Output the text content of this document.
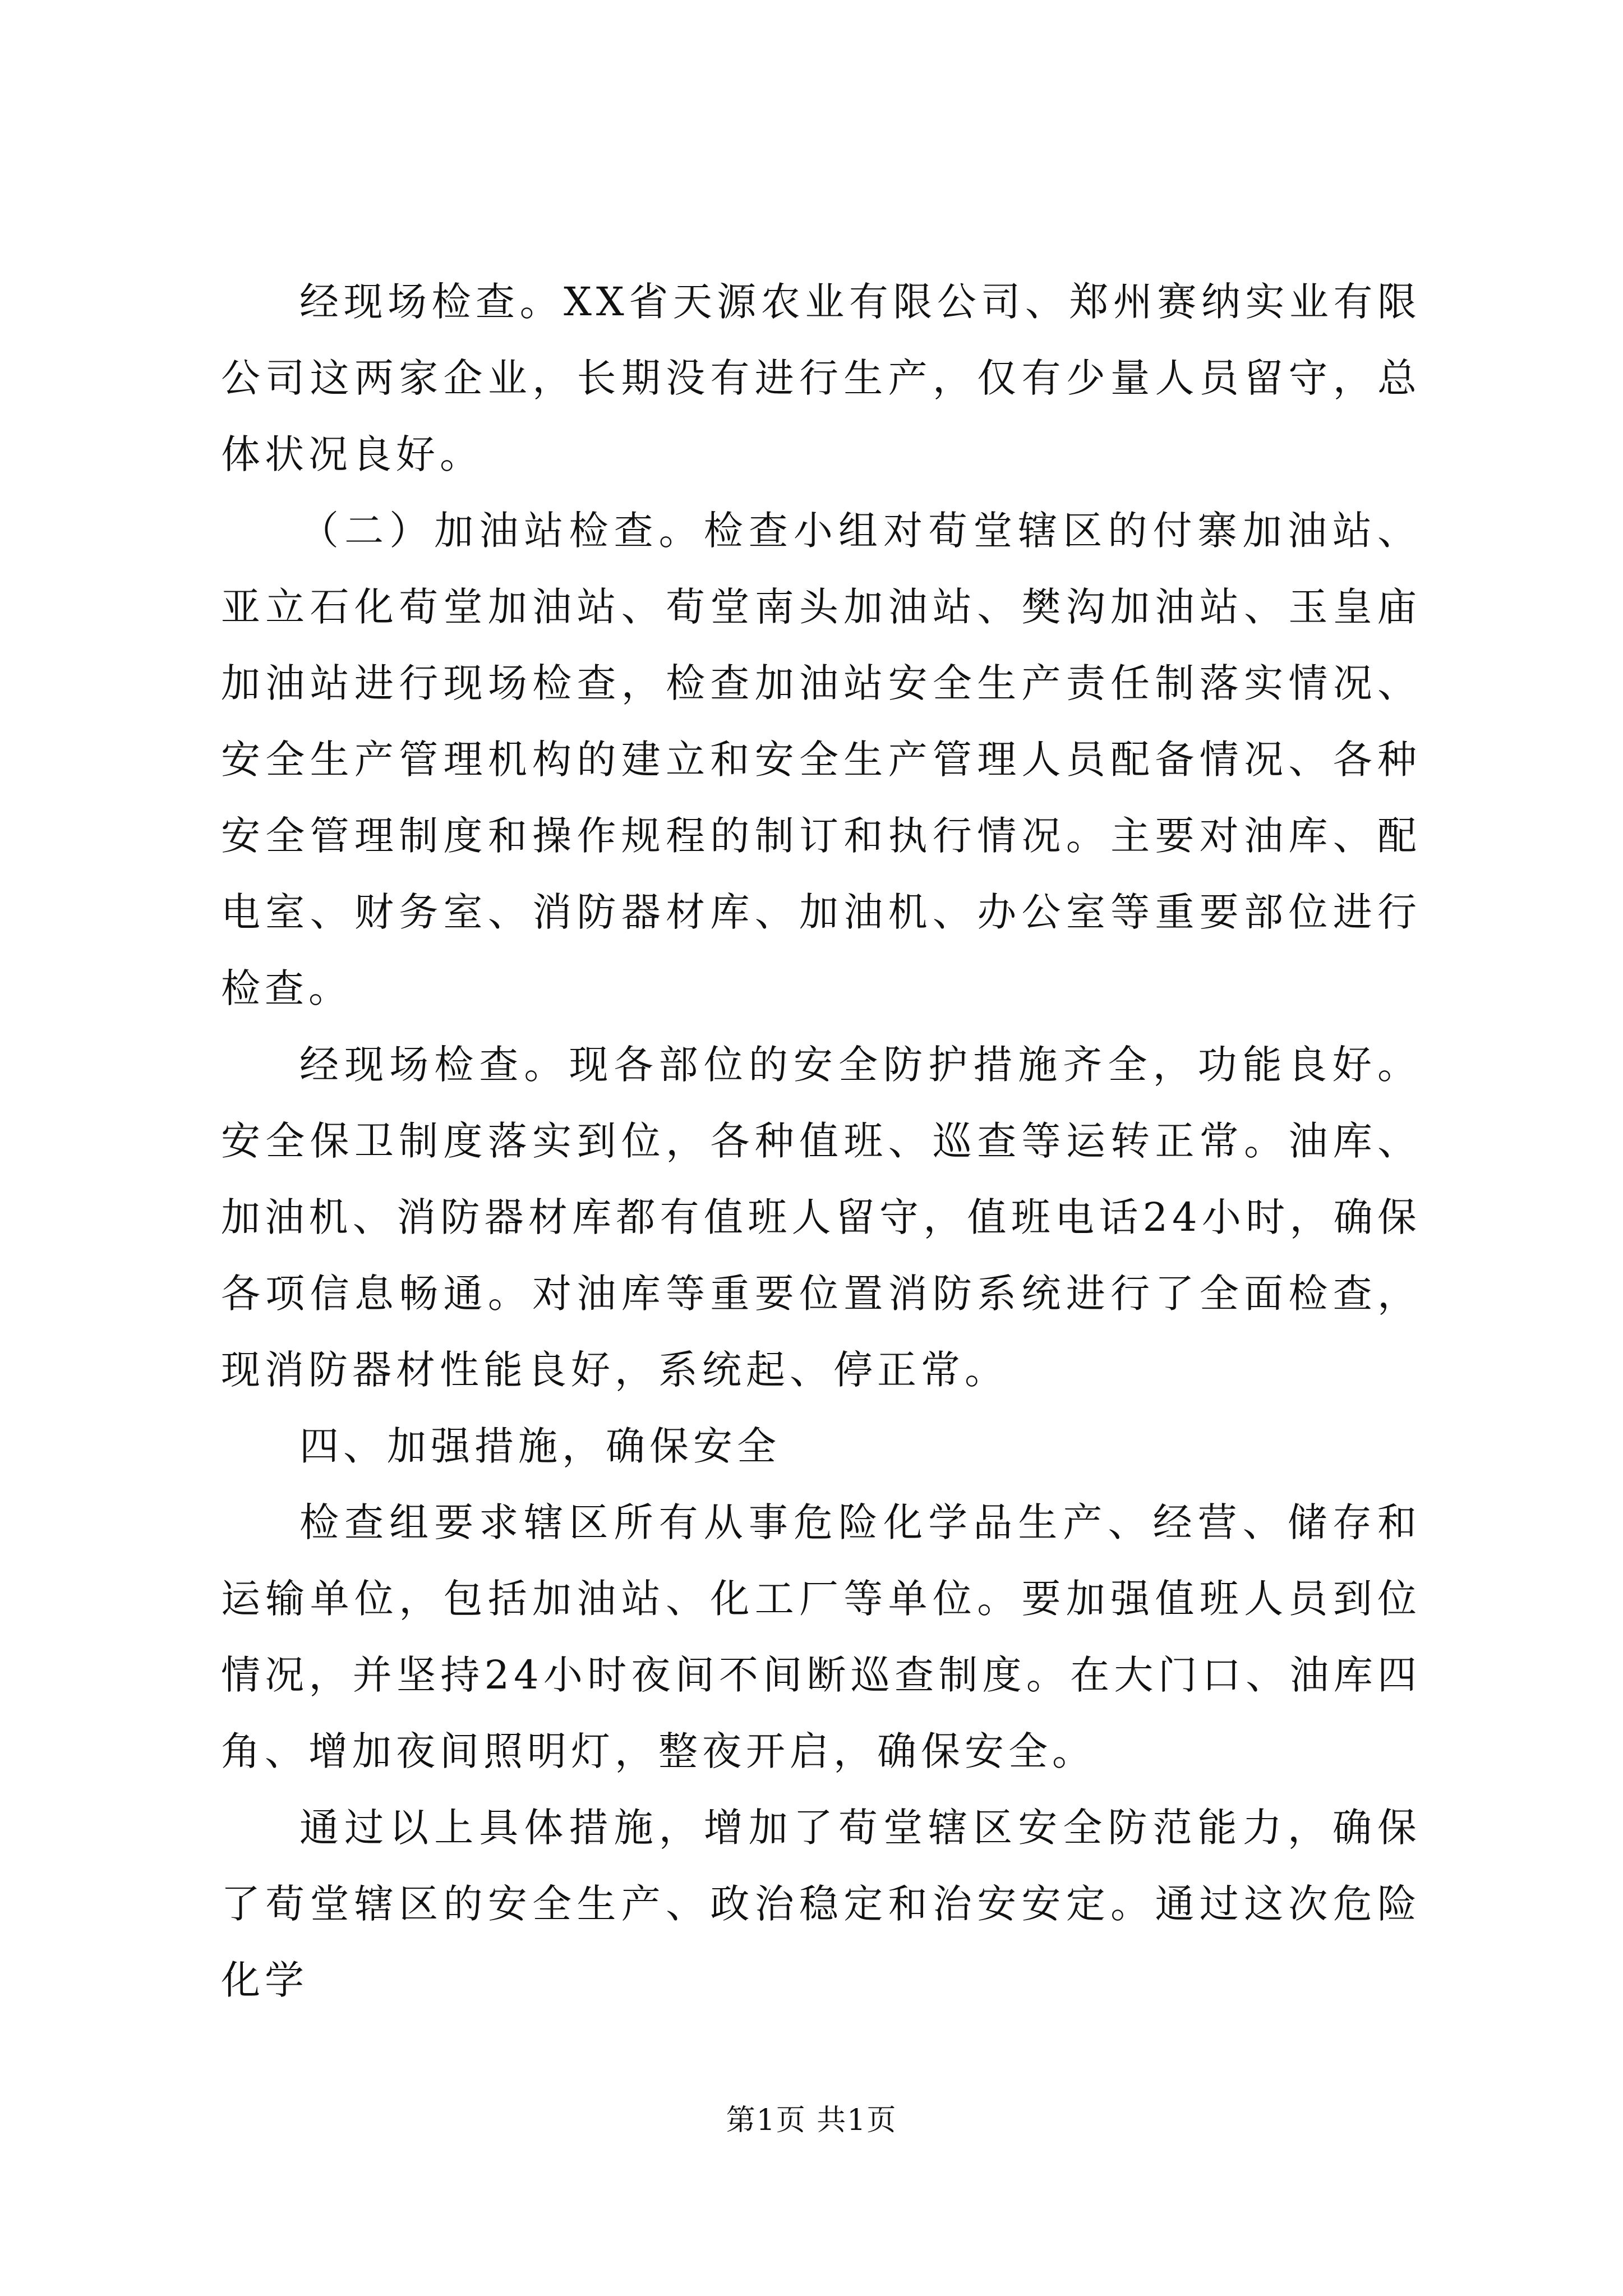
经现场检查。XX省天源农业有限公司、郑州赛纳实业有限公司这两家企业，长期没有进行生产，仅有少量人员留守，总体状况良好。

（二）加油站检查。检查小组对荀堂辖区的付寨加油站、亚立石化荀堂加油站、荀堂南头加油站、樊沟加油站、玉皇庙加油站进行现场检查，检查加油站安全生产责任制落实情况、安全生产管理机构的建立和安全生产管理人员配备情况、各种安全管理制度和操作规程的制订和执行情况。主要对油库、配电室、财务室、消防器材库、加油机、办公室等重要部位进行检查。

经现场检查。现各部位的安全防护措施齐全，功能良好。安全保卫制度落实到位，各种值班、巡查等运转正常。油库、加油机、消防器材库都有值班人留守，值班电话24小时，确保各项信息畅通。对油库等重要位置消防系统进行了全面检查，现消防器材性能良好，系统起、停正常。

四、加强措施，确保安全

检查组要求辖区所有从事危险化学品生产、经营、储存和运输单位，包括加油站、化工厂等单位。要加强值班人员到位情况，并坚持24小时夜间不间断巡查制度。在大门口、油库四角、增加夜间照明灯，整夜开启，确保安全。

通过以上具体措施，增加了荀堂辖区安全防范能力，确保了荀堂辖区的安全生产、政治稳定和治安安定。通过这次危险化学

第1页 共1页
